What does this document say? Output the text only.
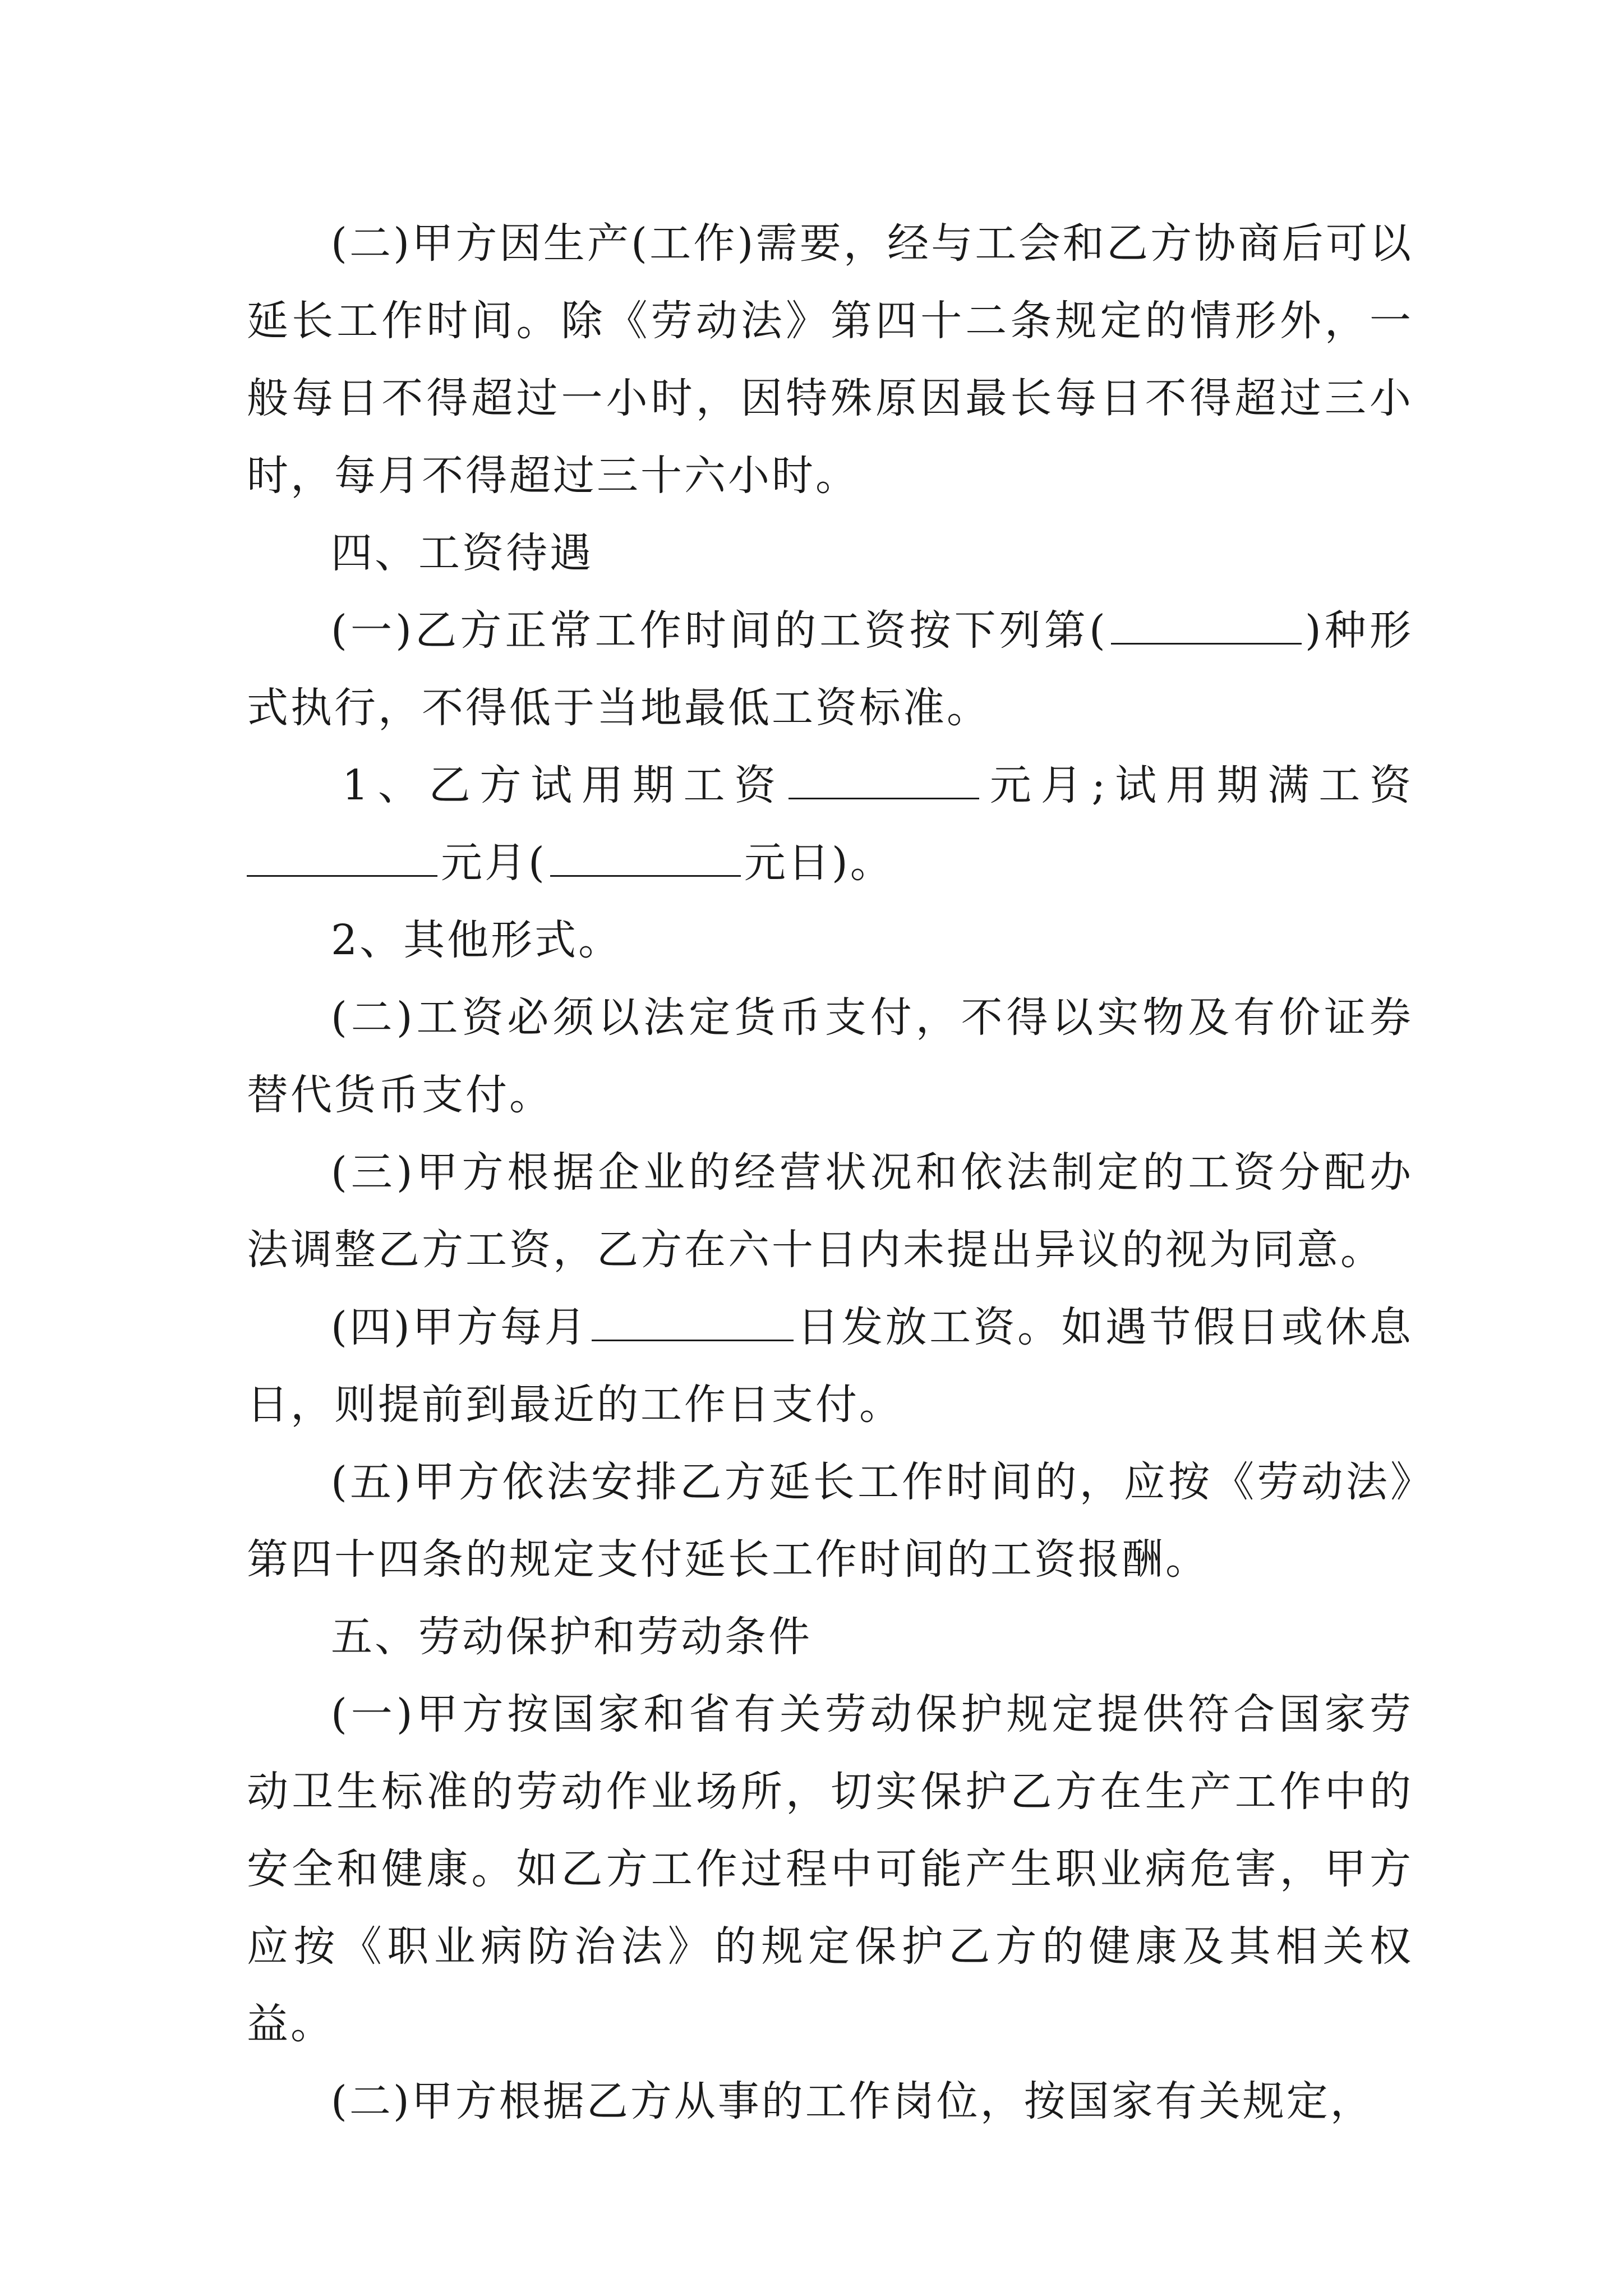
(二)甲方因生产(工作)需要，经与工会和乙方协商后可以延长工作时间。除《劳动法》第四十二条规定的情形外，一般每日不得超过一小时，因特殊原因最长每日不得超过三小时，每月不得超过三十六小时。

四、工资待遇

(一)乙方正常工作时间的工资按下列第(	)种形式执行，不得低于当地最低工资标准。

1、乙方试用期工资	元月;试用期满工资元月(	元日)。

2、其他形式。

(二)工资必须以法定货币支付，不得以实物及有价证券替代货币支付。

(三)甲方根据企业的经营状况和依法制定的工资分配办法调整乙方工资，乙方在六十日内未提出异议的视为同意。

(四)甲方每月	日发放工资。如遇节假日或休息日，则提前到最近的工作日支付。

(五)甲方依法安排乙方延长工作时间的，应按《劳动法》第四十四条的规定支付延长工作时间的工资报酬。

五、劳动保护和劳动条件

(一)甲方按国家和省有关劳动保护规定提供符合国家劳动卫生标准的劳动作业场所，切实保护乙方在生产工作中的安全和健康。如乙方工作过程中可能产生职业病危害，甲方应按《职业病防治法》的规定保护乙方的健康及其相关权益。

(二)甲方根据乙方从事的工作岗位，按国家有关规定，
